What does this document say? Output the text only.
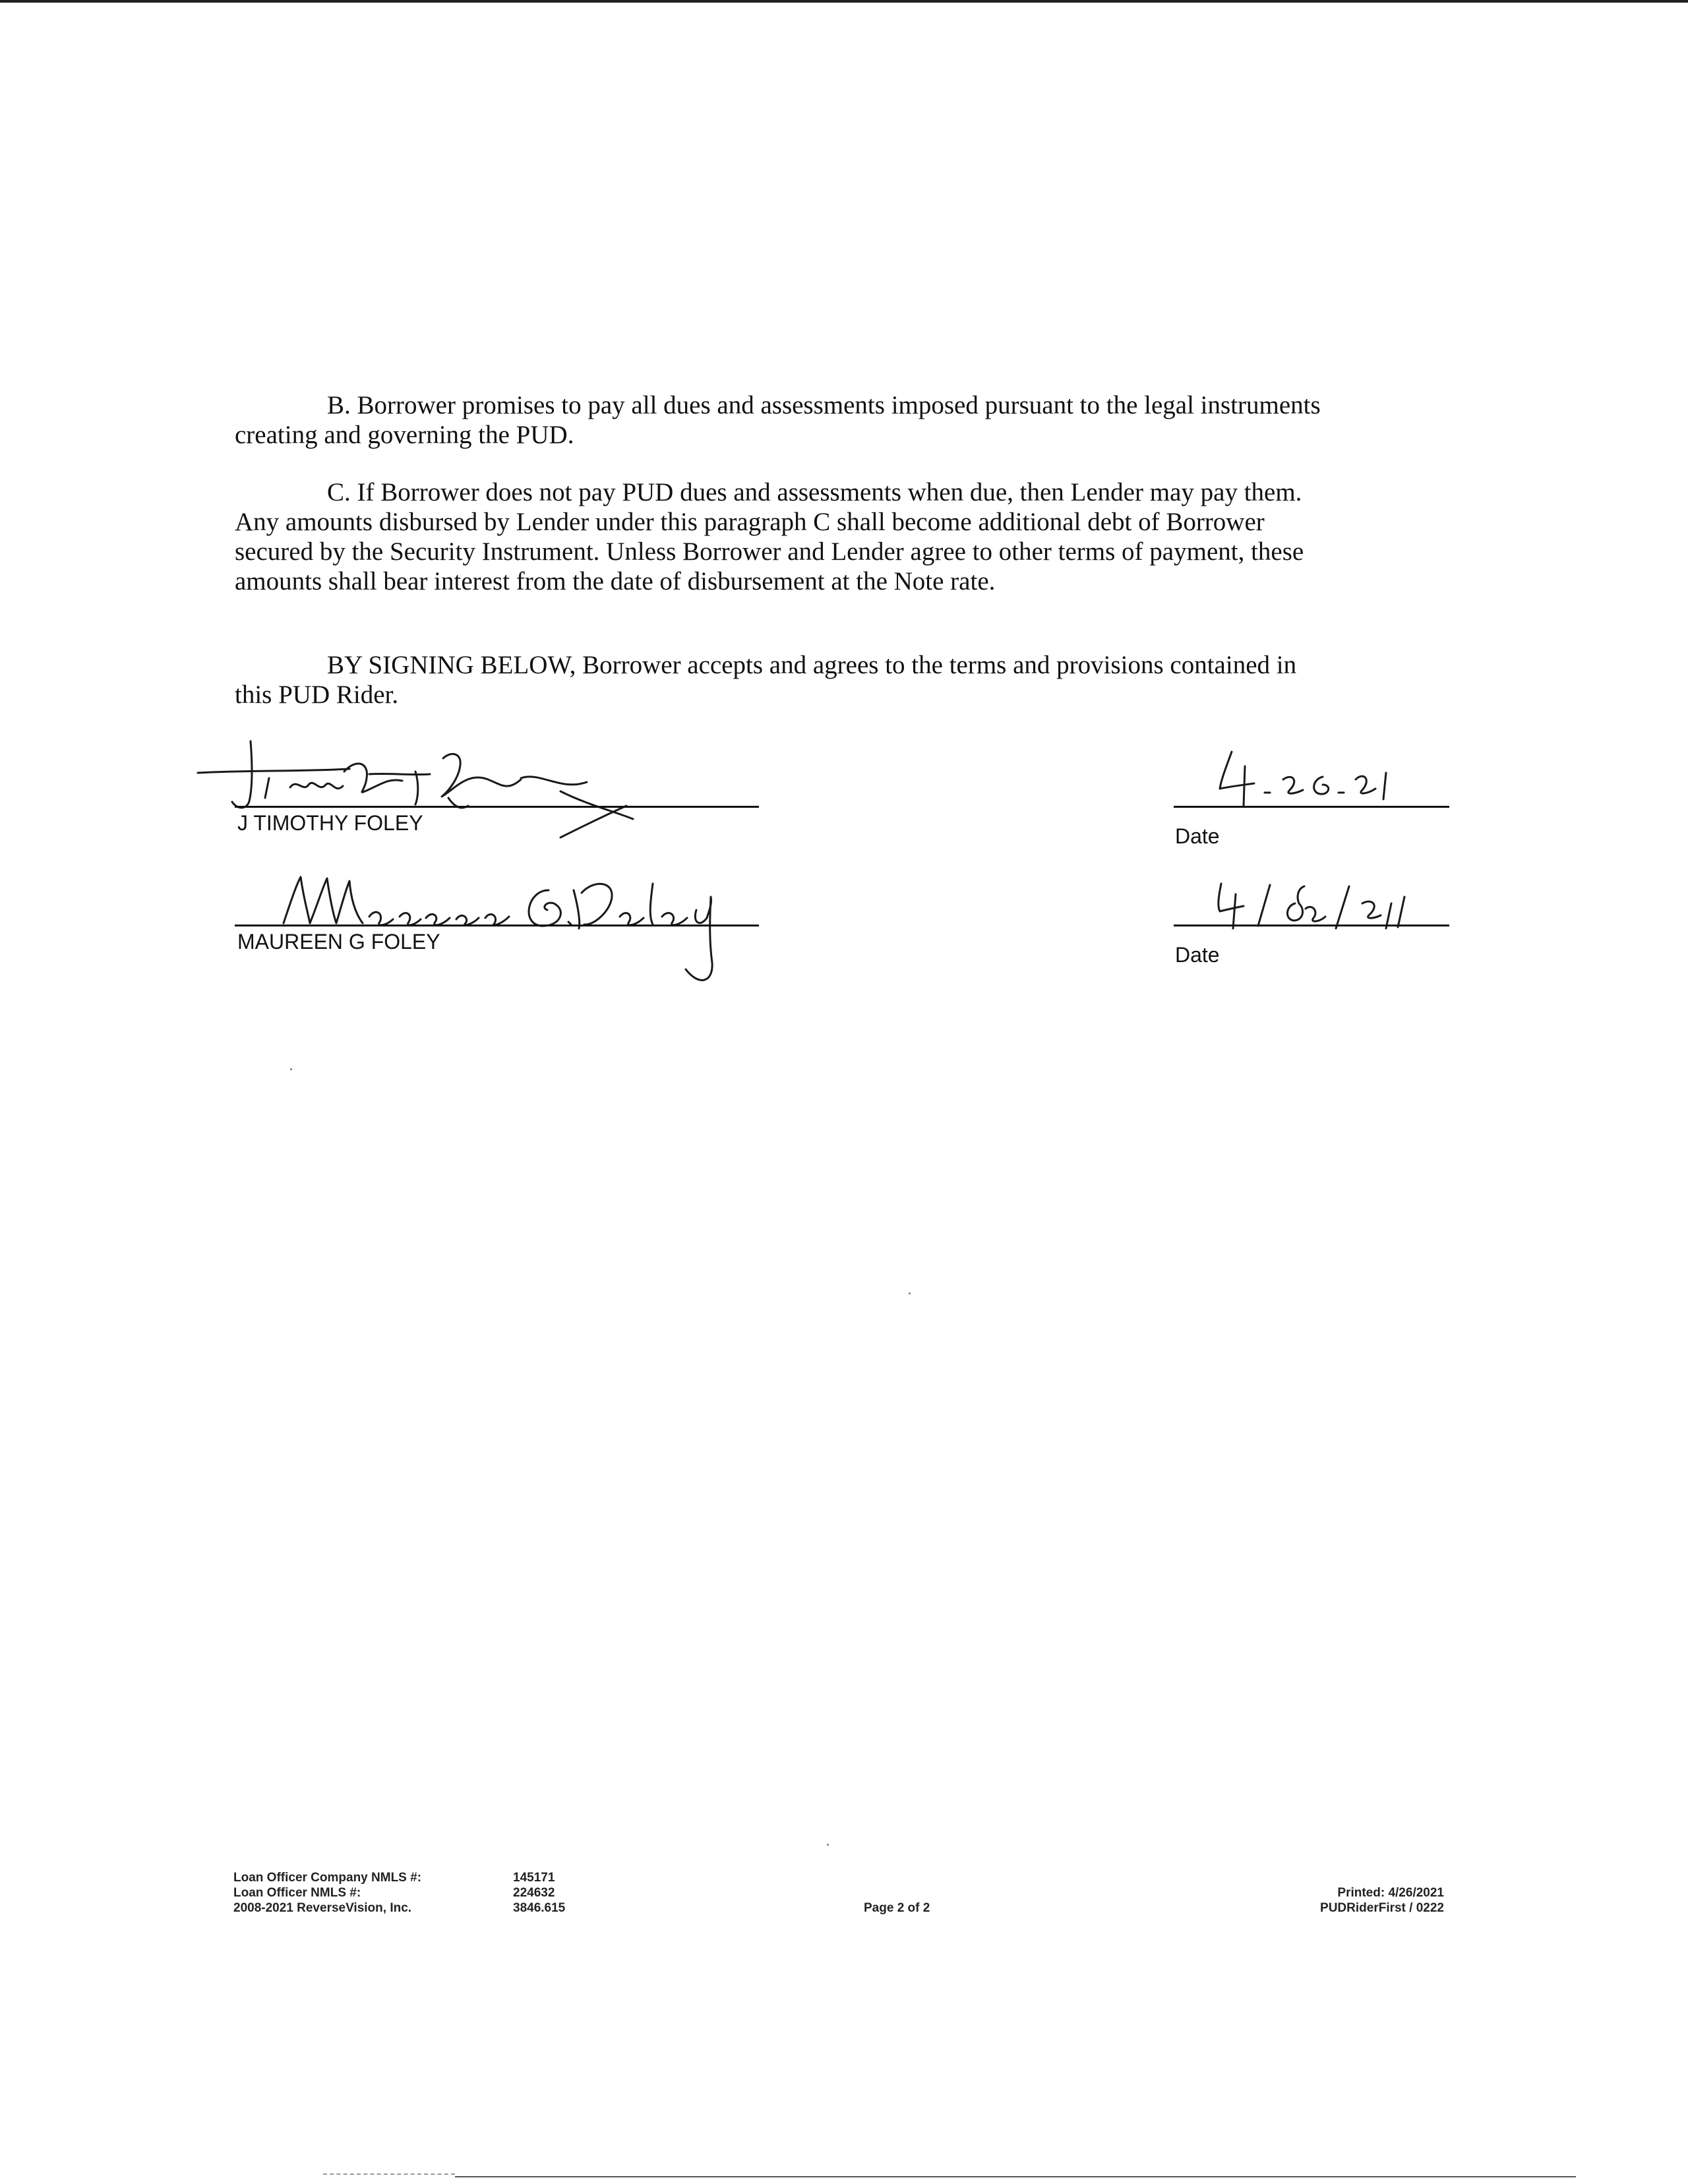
B. Borrower promises to pay all dues and assessments imposed pursuant to the legal instruments creating and governing the PUD.

C. If Borrower does not pay PUD dues and assessments when due, then Lender may pay them. Any amounts disbursed by Lender under this paragraph C shall become additional debt of Borrower secured by the Security Instrument. Unless Borrower and Lender agree to other terms of payment, these amounts shall bear interest from the date of disbursement at the Note rate.

BY SIGNING BELOW, Borrower accepts and agrees to the terms and provisions contained in this PUD Rider.

J TIMOTHY FOLEY
Date
MAUREEN G FOLEY
Date
Loan Officer Company NMLS #:
Loan Officer NMLS #:
2008-2021 ReverseVision, Inc.
145171
224632
3846.615	Page 2 of 2
Printed: 4/26/2021
PUDRiderFirst / 0222
